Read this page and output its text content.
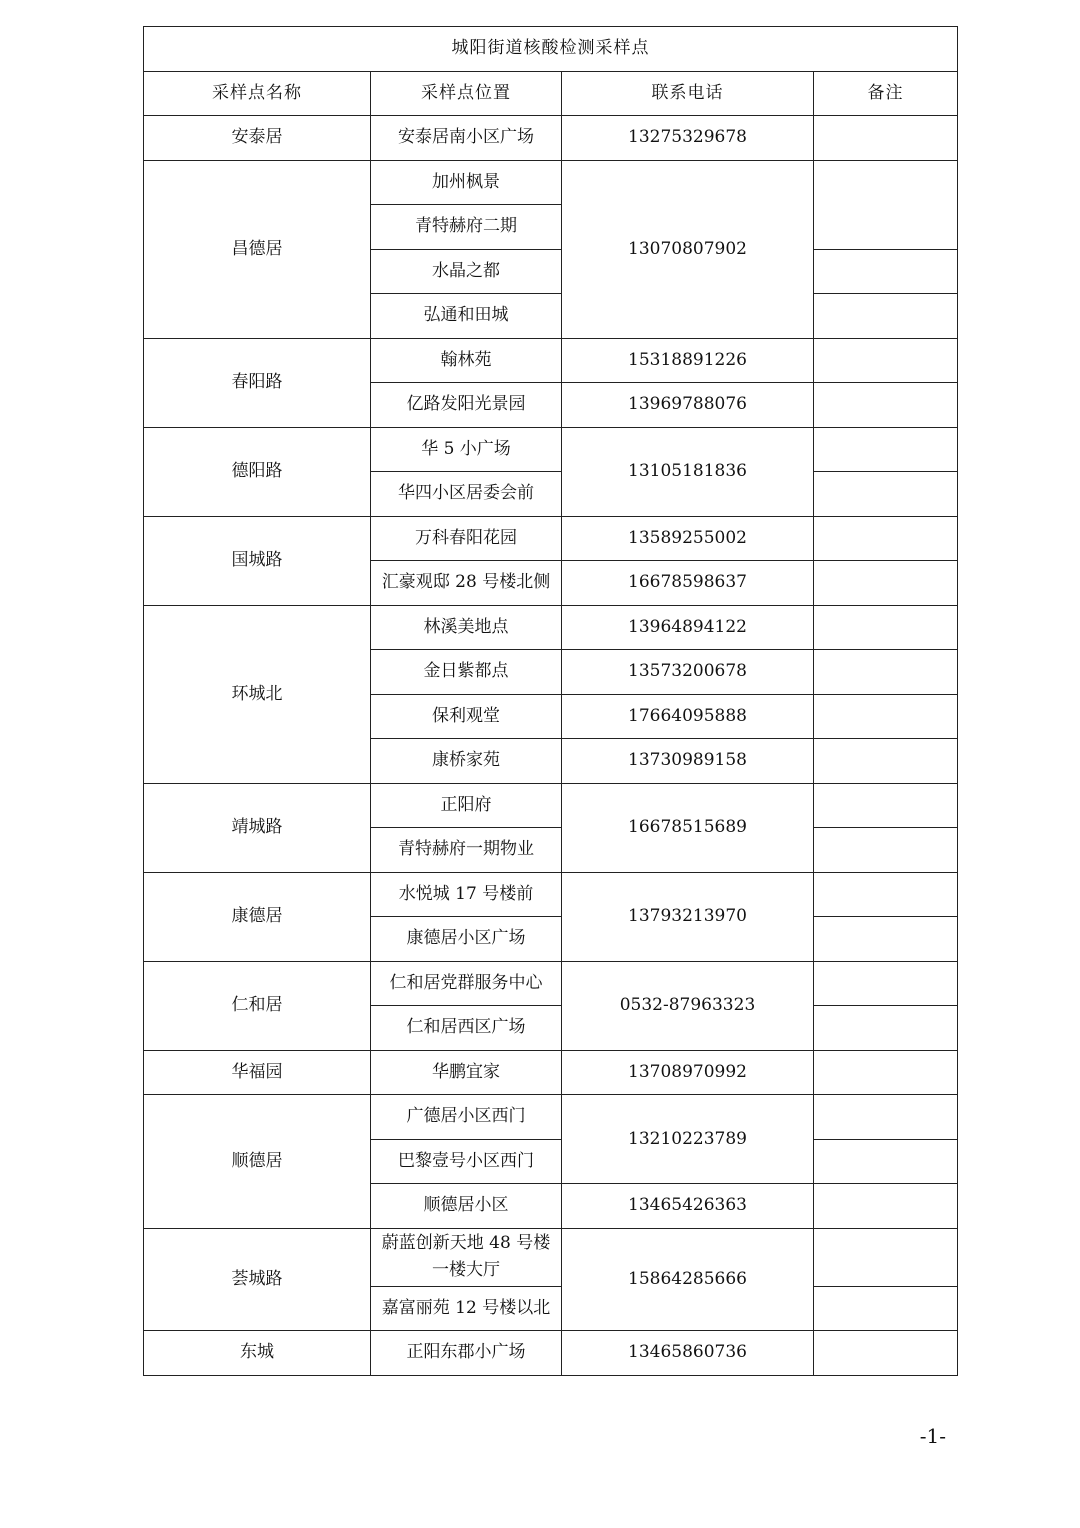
城阳街道核酸检测采样点			
采样点名称	采样点位置	联系电话	备注
安泰居	安泰居南小区广场	13275329678	
昌德居	加州枫景	13070807902	
	青特赫府二期		
	水晶之都		
	弘通和田城		
春阳路	翰林苑	15318891226	
	亿路发阳光景园	13969788076	
德阳路	华 5 小广场	13105181836	
	华四小区居委会前		
国城路	万科春阳花园	13589255002	
	汇豪观邸 28 号楼北侧	16678598637	
环城北	林溪美地点	13964894122	
	金日紫都点	13573200678	
	保利观堂	17664095888	
	康桥家苑	13730989158	
靖城路	正阳府	16678515689	
	青特赫府一期物业		
康德居	水悦城 17 号楼前	13793213970	
	康德居小区广场		
仁和居	仁和居党群服务中心	0532-87963323	
	仁和居西区广场		
华福园	华鹏宜家	13708970992	
顺德居	广德居小区西门	13210223789	
	巴黎壹号小区西门		
	顺德居小区	13465426363	
荟城路	蔚蓝创新天地 48 号楼一楼大厅	15864285666	
	嘉富丽苑 12 号楼以北		
东城	正阳东郡小广场	13465860736	
-1-
